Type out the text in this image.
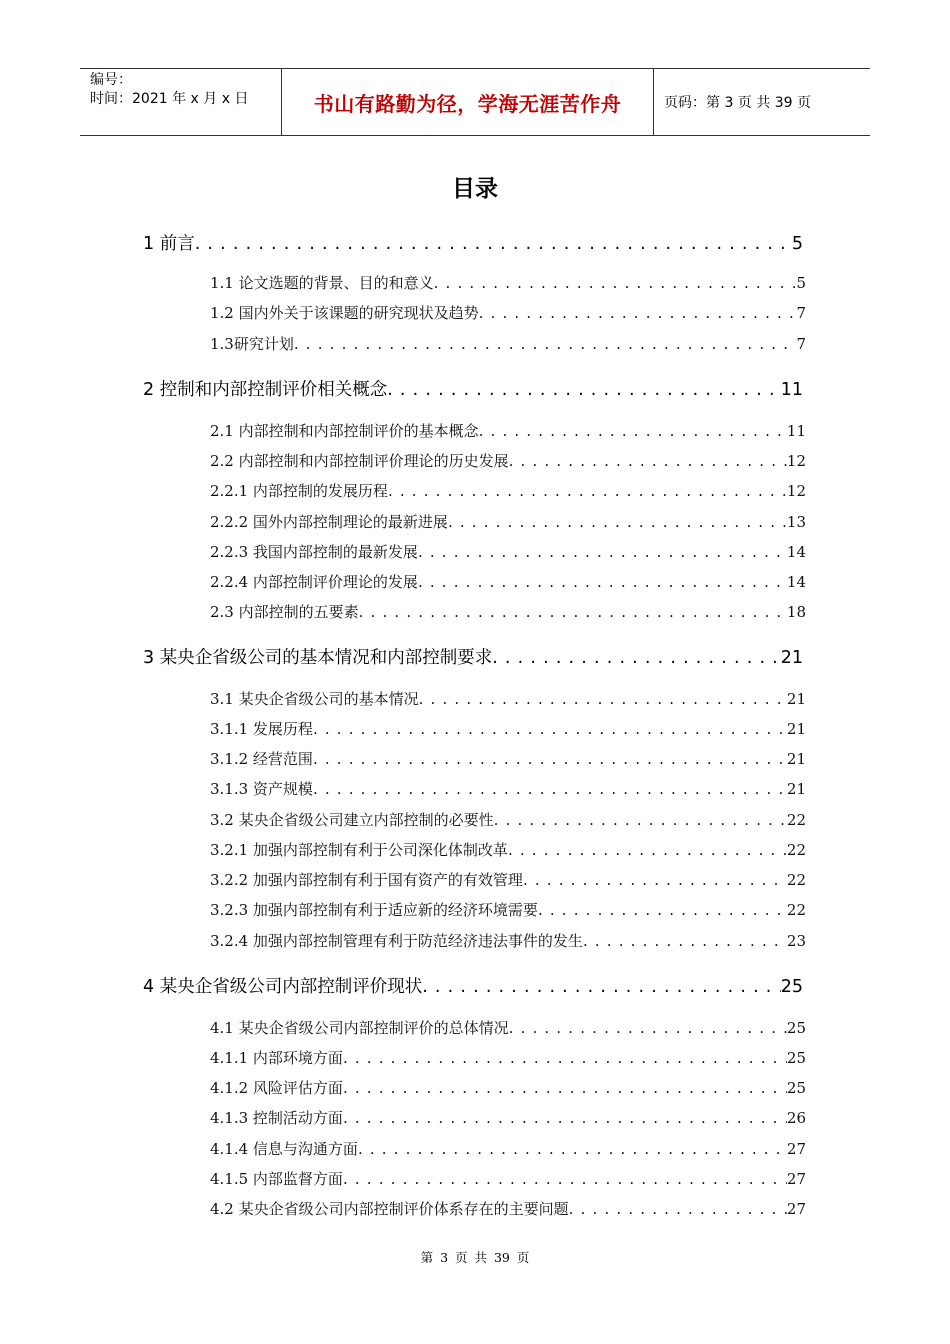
编号：
时间：2021 年 x 月 x 日	书山有路勤为径，学海无涯苦作舟	页码：第 3 页 共 39 页
目录
1 前言 . . .	5
1.1 论文选题的背景、目的和意义 . . .	5
1.2 国内外关于该课题的研究现状及趋势 . . .	7
1.3研究计划 . . .	7
2 控制和内部控制评价相关概念 . . .	11
2.1 内部控制和内部控制评价的基本概念 . . .	11
2.2 内部控制和内部控制评价理论的历史发展 . . .	12
2.2.1 内部控制的发展历程 . . .	12
2.2.2 国外内部控制理论的最新进展 . . .	13
2.2.3 我国内部控制的最新发展 . . .	14
2.2.4 内部控制评价理论的发展 . . .	14
2.3 内部控制的五要素 . . .	18
3 某央企省级公司的基本情况和内部控制要求 . . .	21
3.1 某央企省级公司的基本情况 . . .	21
3.1.1 发展历程 . . .	21
3.1.2 经营范围 . . .	21
3.1.3 资产规模 . . .	21
3.2 某央企省级公司建立内部控制的必要性 . . .	22
3.2.1 加强内部控制有利于公司深化体制改革 . . .	22
3.2.2 加强内部控制有利于国有资产的有效管理 . . .	22
3.2.3 加强内部控制有利于适应新的经济环境需要 . . .	22
3.2.4 加强内部控制管理有利于防范经济违法事件的发生 . . .	23
4 某央企省级公司内部控制评价现状 . . .	25
4.1 某央企省级公司内部控制评价的总体情况 . . .	25
4.1.1 内部环境方面 . . .	25
4.1.2 风险评估方面 . . .	25
4.1.3 控制活动方面 . . .	26
4.1.4 信息与沟通方面 . . .	27
4.1.5 内部监督方面 . . .	27
4.2 某央企省级公司内部控制评价体系存在的主要问题 . . .	27
第 3 页 共 39 页
